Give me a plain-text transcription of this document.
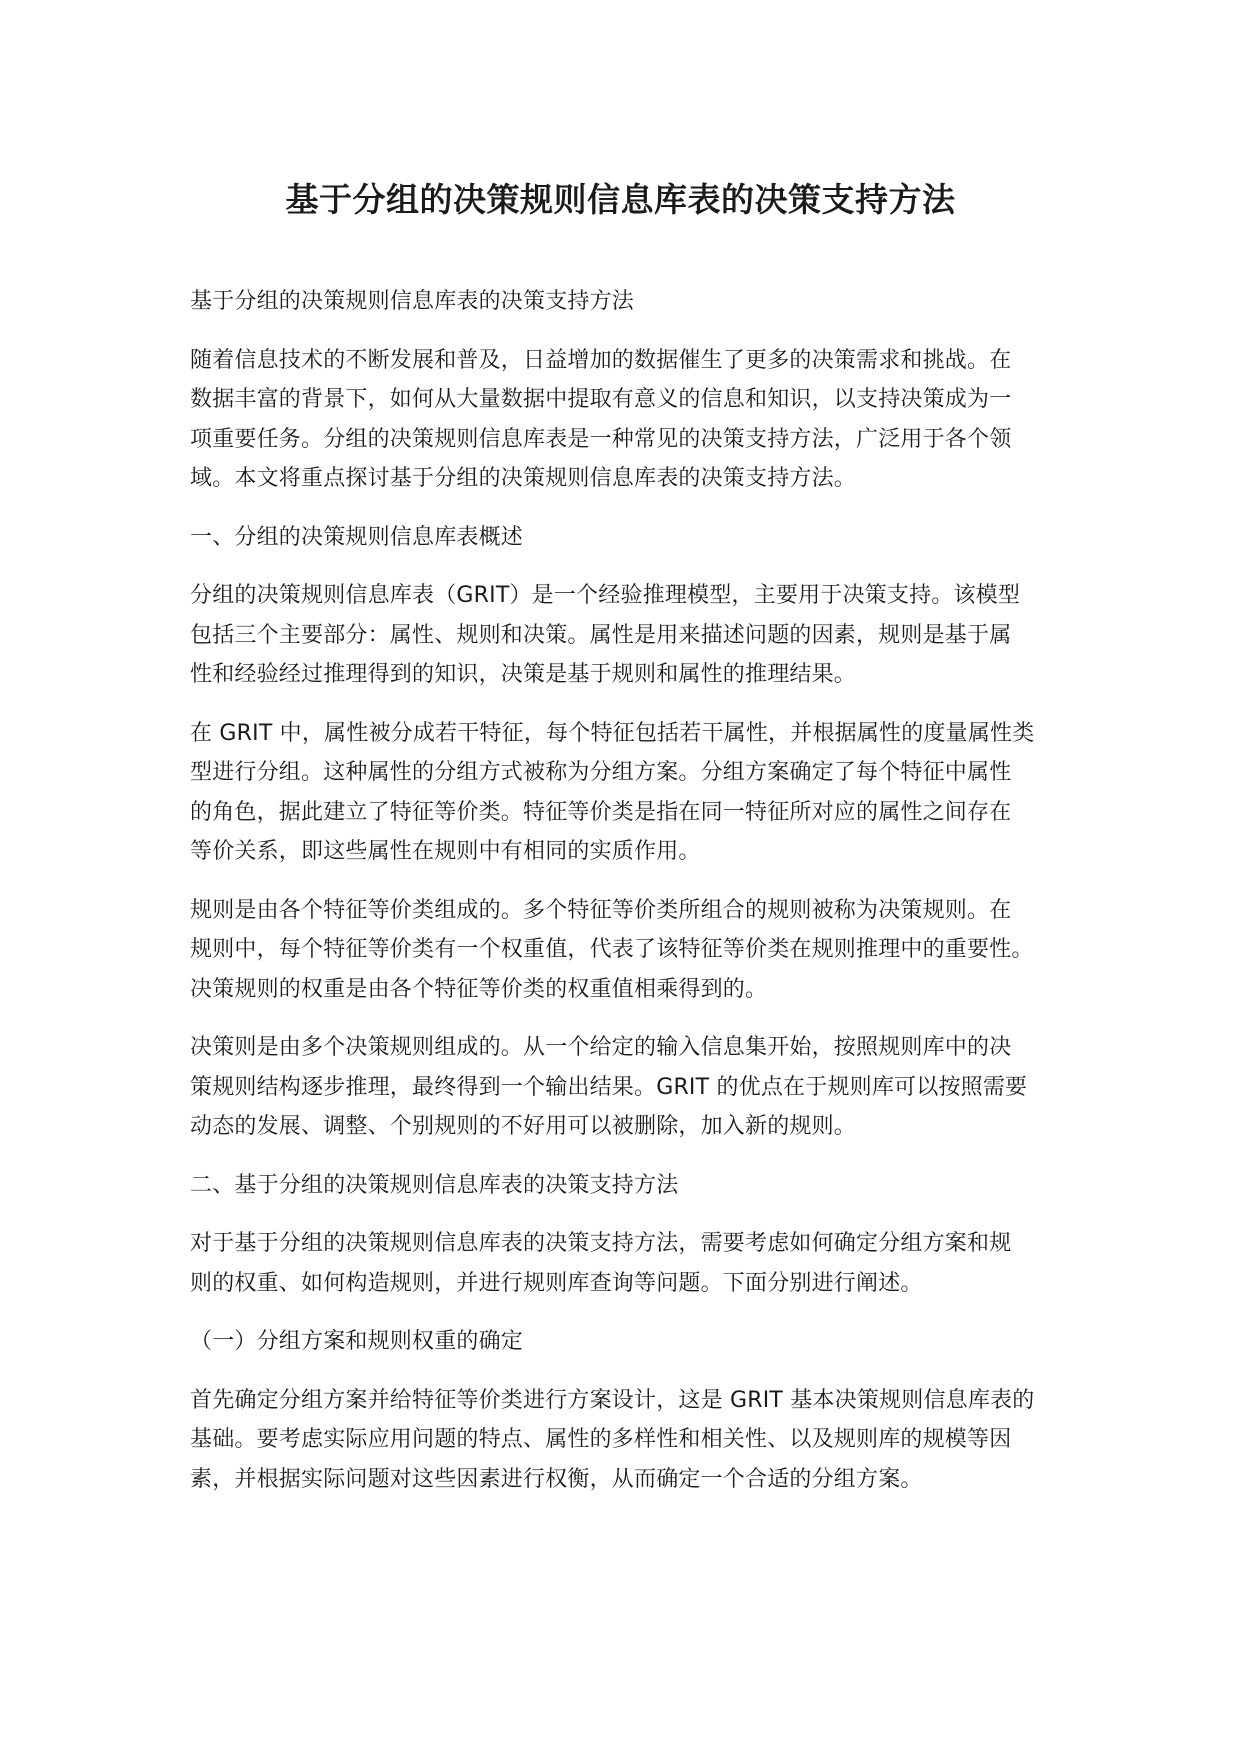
基于分组的决策规则信息库表的决策支持方法

基于分组的决策规则信息库表的决策支持方法

随着信息技术的不断发展和普及，日益增加的数据催生了更多的决策需求和挑战。在

数据丰富的背景下，如何从大量数据中提取有意义的信息和知识，以支持决策成为一

项重要任务。分组的决策规则信息库表是一种常见的决策支持方法，广泛用于各个领

域。本文将重点探讨基于分组的决策规则信息库表的决策支持方法。

一、分组的决策规则信息库表概述

分组的决策规则信息库表（GRIT）是一个经验推理模型，主要用于决策支持。该模型

包括三个主要部分：属性、规则和决策。属性是用来描述问题的因素，规则是基于属

性和经验经过推理得到的知识，决策是基于规则和属性的推理结果。

在 GRIT 中，属性被分成若干特征，每个特征包括若干属性，并根据属性的度量属性类

型进行分组。这种属性的分组方式被称为分组方案。分组方案确定了每个特征中属性

的角色，据此建立了特征等价类。特征等价类是指在同一特征所对应的属性之间存在

等价关系，即这些属性在规则中有相同的实质作用。

规则是由各个特征等价类组成的。多个特征等价类所组合的规则被称为决策规则。在

规则中，每个特征等价类有一个权重值，代表了该特征等价类在规则推理中的重要性。

决策规则的权重是由各个特征等价类的权重值相乘得到的。

决策则是由多个决策规则组成的。从一个给定的输入信息集开始，按照规则库中的决

策规则结构逐步推理，最终得到一个输出结果。GRIT 的优点在于规则库可以按照需要

动态的发展、调整、个别规则的不好用可以被删除，加入新的规则。

二、基于分组的决策规则信息库表的决策支持方法

对于基于分组的决策规则信息库表的决策支持方法，需要考虑如何确定分组方案和规

则的权重、如何构造规则，并进行规则库查询等问题。下面分别进行阐述。

（一）分组方案和规则权重的确定

首先确定分组方案并给特征等价类进行方案设计，这是 GRIT 基本决策规则信息库表的

基础。要考虑实际应用问题的特点、属性的多样性和相关性、以及规则库的规模等因

素，并根据实际问题对这些因素进行权衡，从而确定一个合适的分组方案。
